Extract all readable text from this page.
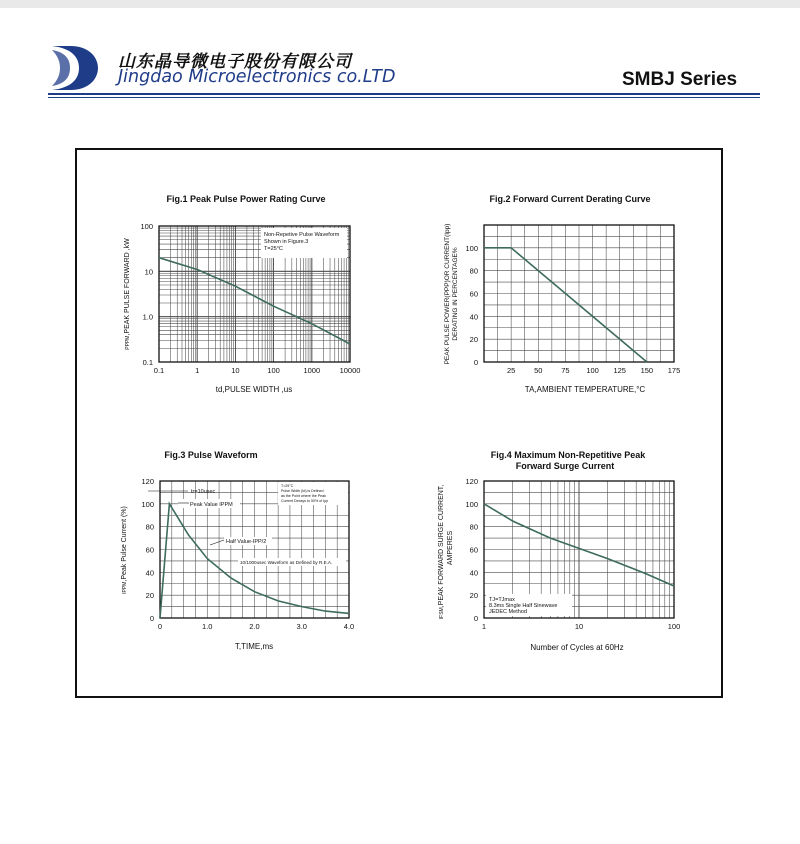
山东晶导微电子股份有限公司
Jingdao Microelectronics co.LTD	SMBJ Series
Fig.1 Peak Pulse Power Rating Curve
0.1	1	10	100	1000	10000
0.1
1.0
10
100
Non-Repetive Pulse Waveform
Shown in Figure.3
T=25°C
td,PULSE WIDTH ,us
PPPM,PEAK PULSE FORWARD ,kW
Fig.2 Forward Current Derating Curve
25	50	75 100 125 150 175
0
20
40
60
80
100
TA,AMBIENT TEMPERATURE,°C
PEAK PULSE POWER(PPP)OR CURRENT(Ipp) DERATING IN PERCENTAGE%
Fig.3 Pulse Waveform
0	1.0	2.0	3.0	4.0
0
20
40
60
80
100
120	T=25°C
Pulse Width (td) is Defined
as the Point where the Peak
Current Decays to 50% of Ipp
tr=10usec
Peak Value IPPM
Half Value-IPP/2
10/1000usec Waveform as Defined by R.E.A.
T,TIME,ms
IPPM,Peak Pulse Current (%)
Fig.4 Maximum Non-Repetitive Peak
Forward Surge Current
1	10	100
0
20
40
60
80
100
120
TJ=TJmax
8.3ms Single Half Sinewave
JEDEC Method
Number of Cycles at 60Hz
IFSM,PEAK FORWARD SURGE CURRENT, AMPERES
